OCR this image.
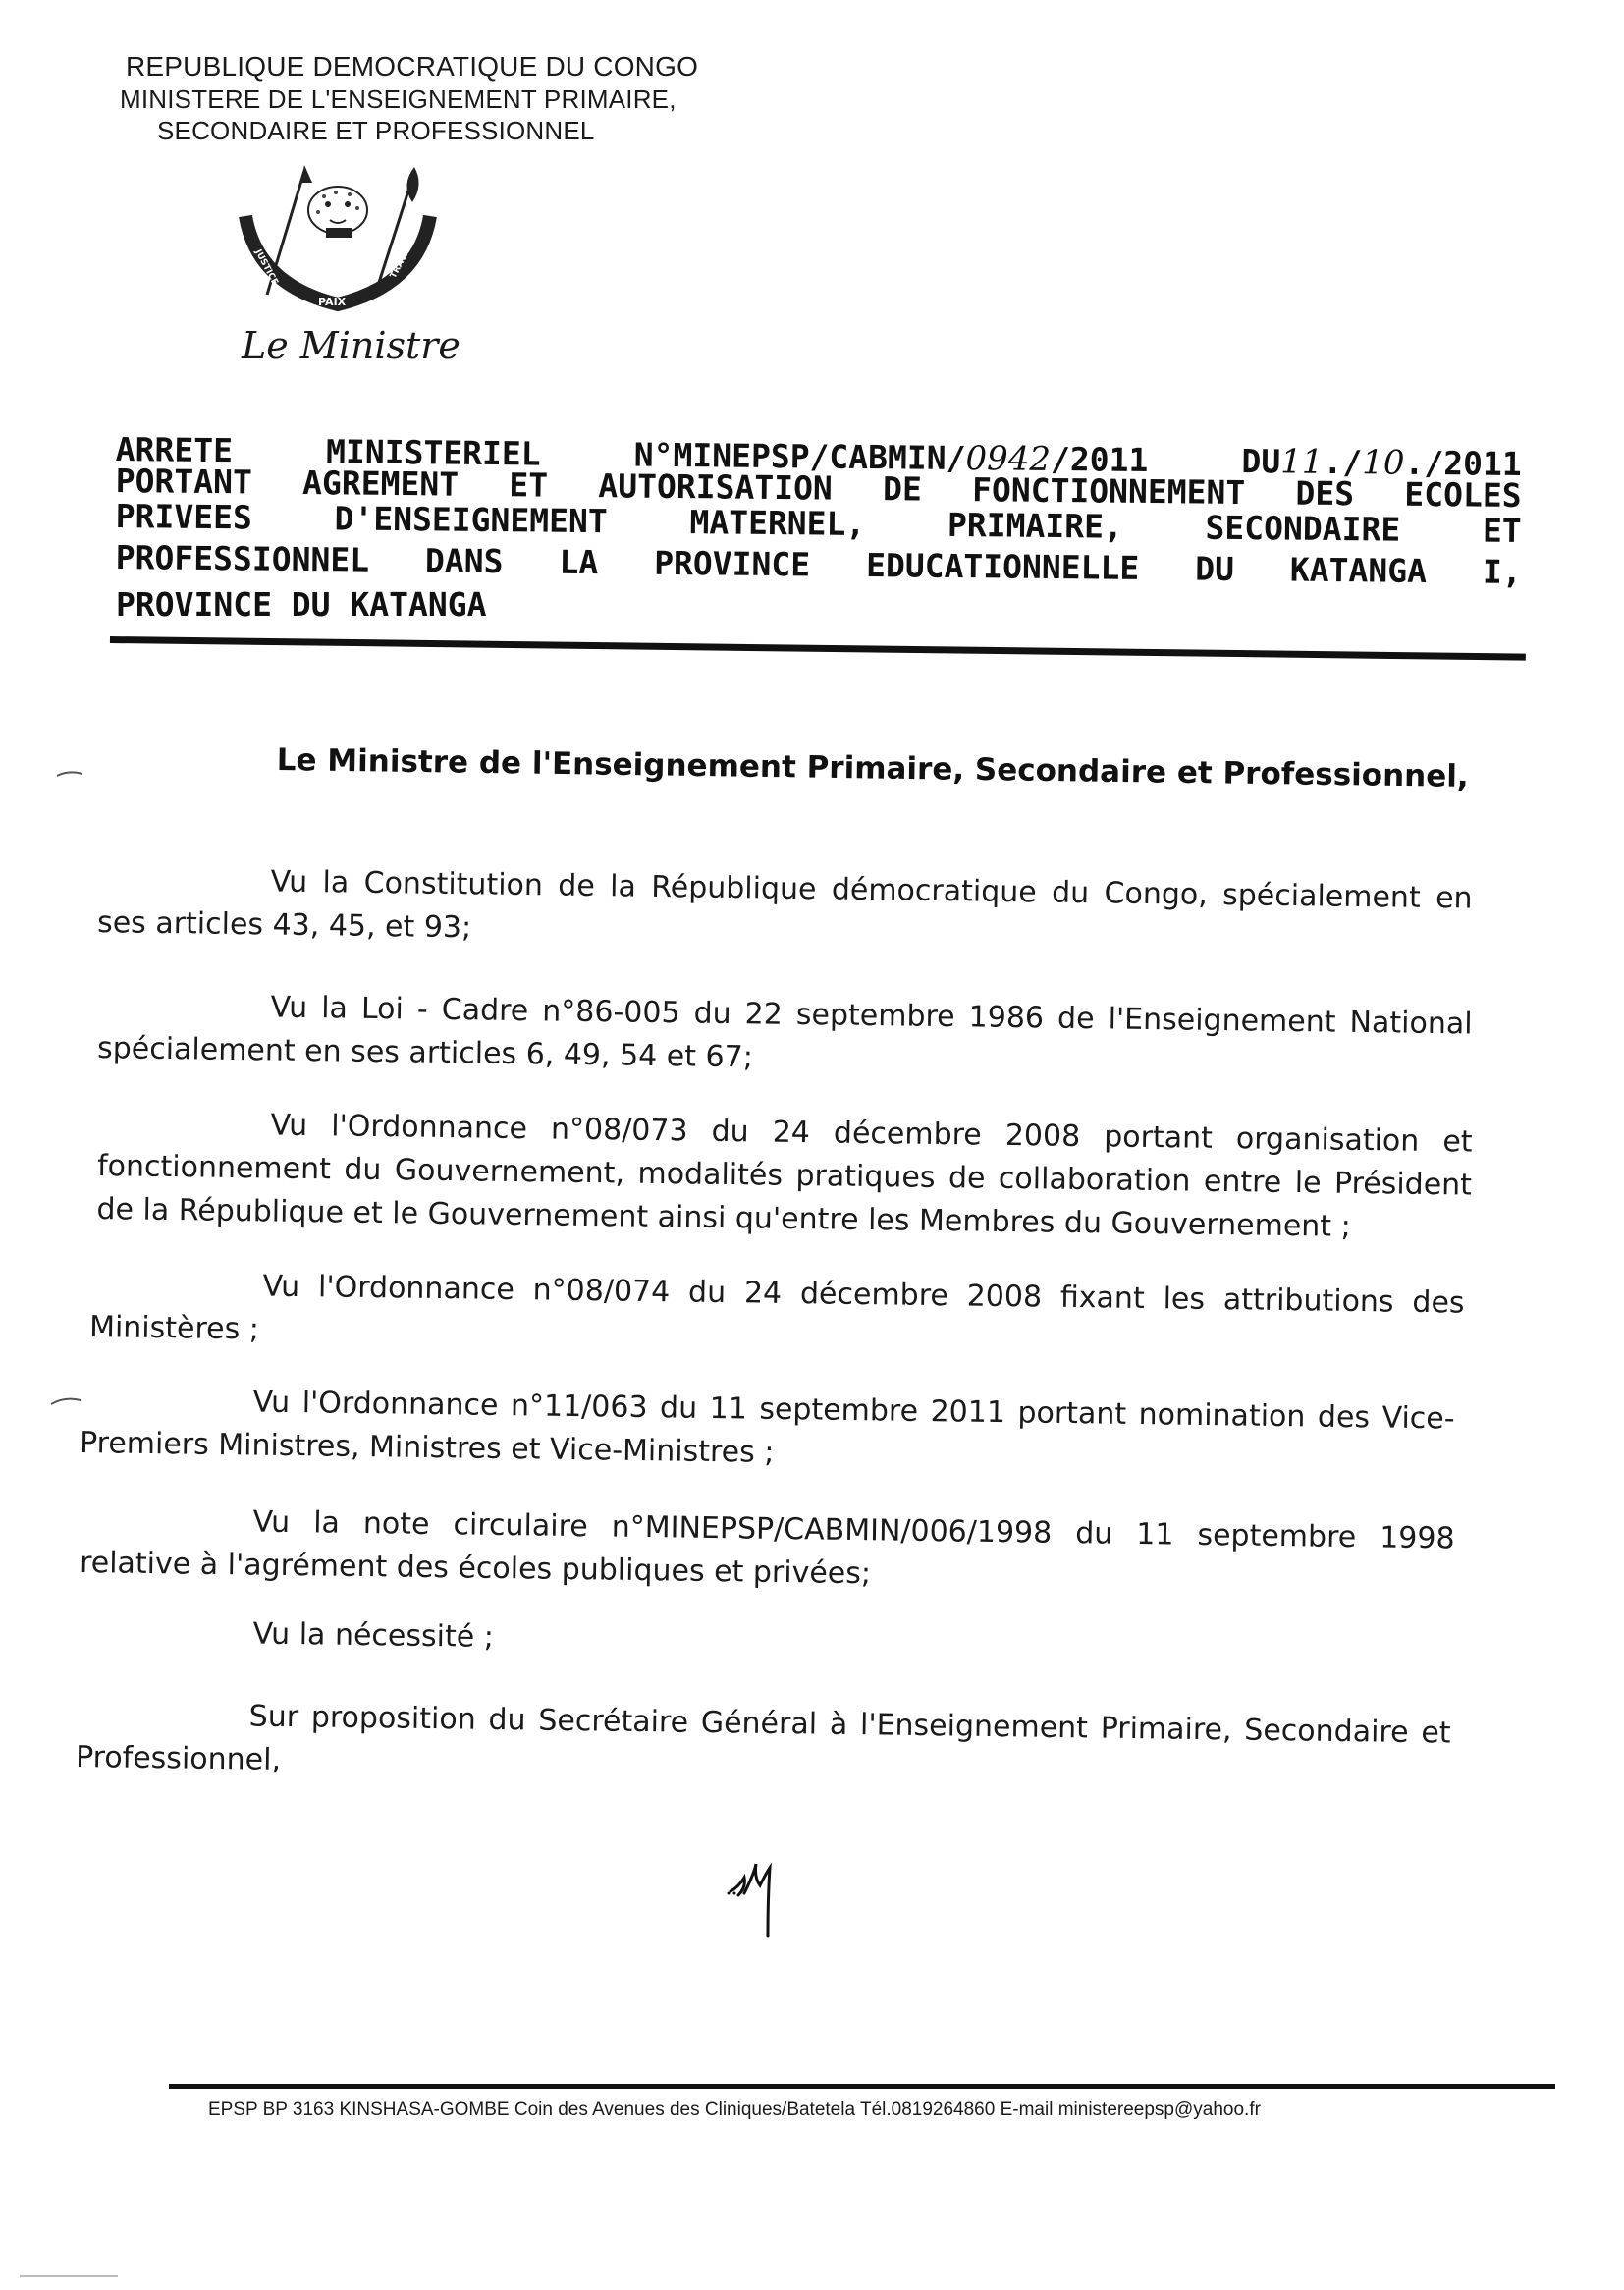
REPUBLIQUE DEMOCRATIQUE DU CONGO
MINISTERE DE L'ENSEIGNEMENT PRIMAIRE,
SECONDAIRE ET PROFESSIONNEL
JUSTICE
PAIX
TRAVAIL
Le Ministre
ARRETE	MINISTERIEL	N°MINEPSP/CABMIN/0942/2011	DU11./10./2011
PORTANT AGREMENT ET AUTORISATION DE FONCTIONNEMENT DES ECOLES
PRIVEES	D'ENSEIGNEMENT	MATERNEL,	PRIMAIRE,	SECONDAIRE	ET
PROFESSIONNEL DANS LA PROVINCE EDUCATIONNELLE DU KATANGA I,
PROVINCE DU KATANGA
Le Ministre de l'Enseignement Primaire, Secondaire et Professionnel,
Vu la Constitution de la République démocratique du Congo, spécialement en ses articles 43, 45, et 93;
Vu la Loi - Cadre n°86-005 du 22 septembre 1986 de l'Enseignement National spécialement en ses articles 6, 49, 54 et 67;
Vu l'Ordonnance n°08/073 du 24 décembre 2008 portant organisation et fonctionnement du Gouvernement, modalités pratiques de collaboration entre le Président de la République et le Gouvernement ainsi qu'entre les Membres du Gouvernement ;
Vu l'Ordonnance n°08/074 du 24 décembre 2008 fixant les attributions des Ministères ;
Vu l'Ordonnance n°11/063 du 11 septembre 2011 portant nomination des Vice-Premiers Ministres, Ministres et Vice-Ministres ;
Vu la note circulaire n°MINEPSP/CABMIN/006/1998 du 11 septembre 1998 relative à l'agrément des écoles publiques et privées;
Vu la nécessité ;
Sur proposition du Secrétaire Général à l'Enseignement Primaire, Secondaire et Professionnel,
EPSP BP 3163 KINSHASA-GOMBE Coin des Avenues des Cliniques/Batetela Tél.0819264860 E-mail ministereepsp@yahoo.fr
